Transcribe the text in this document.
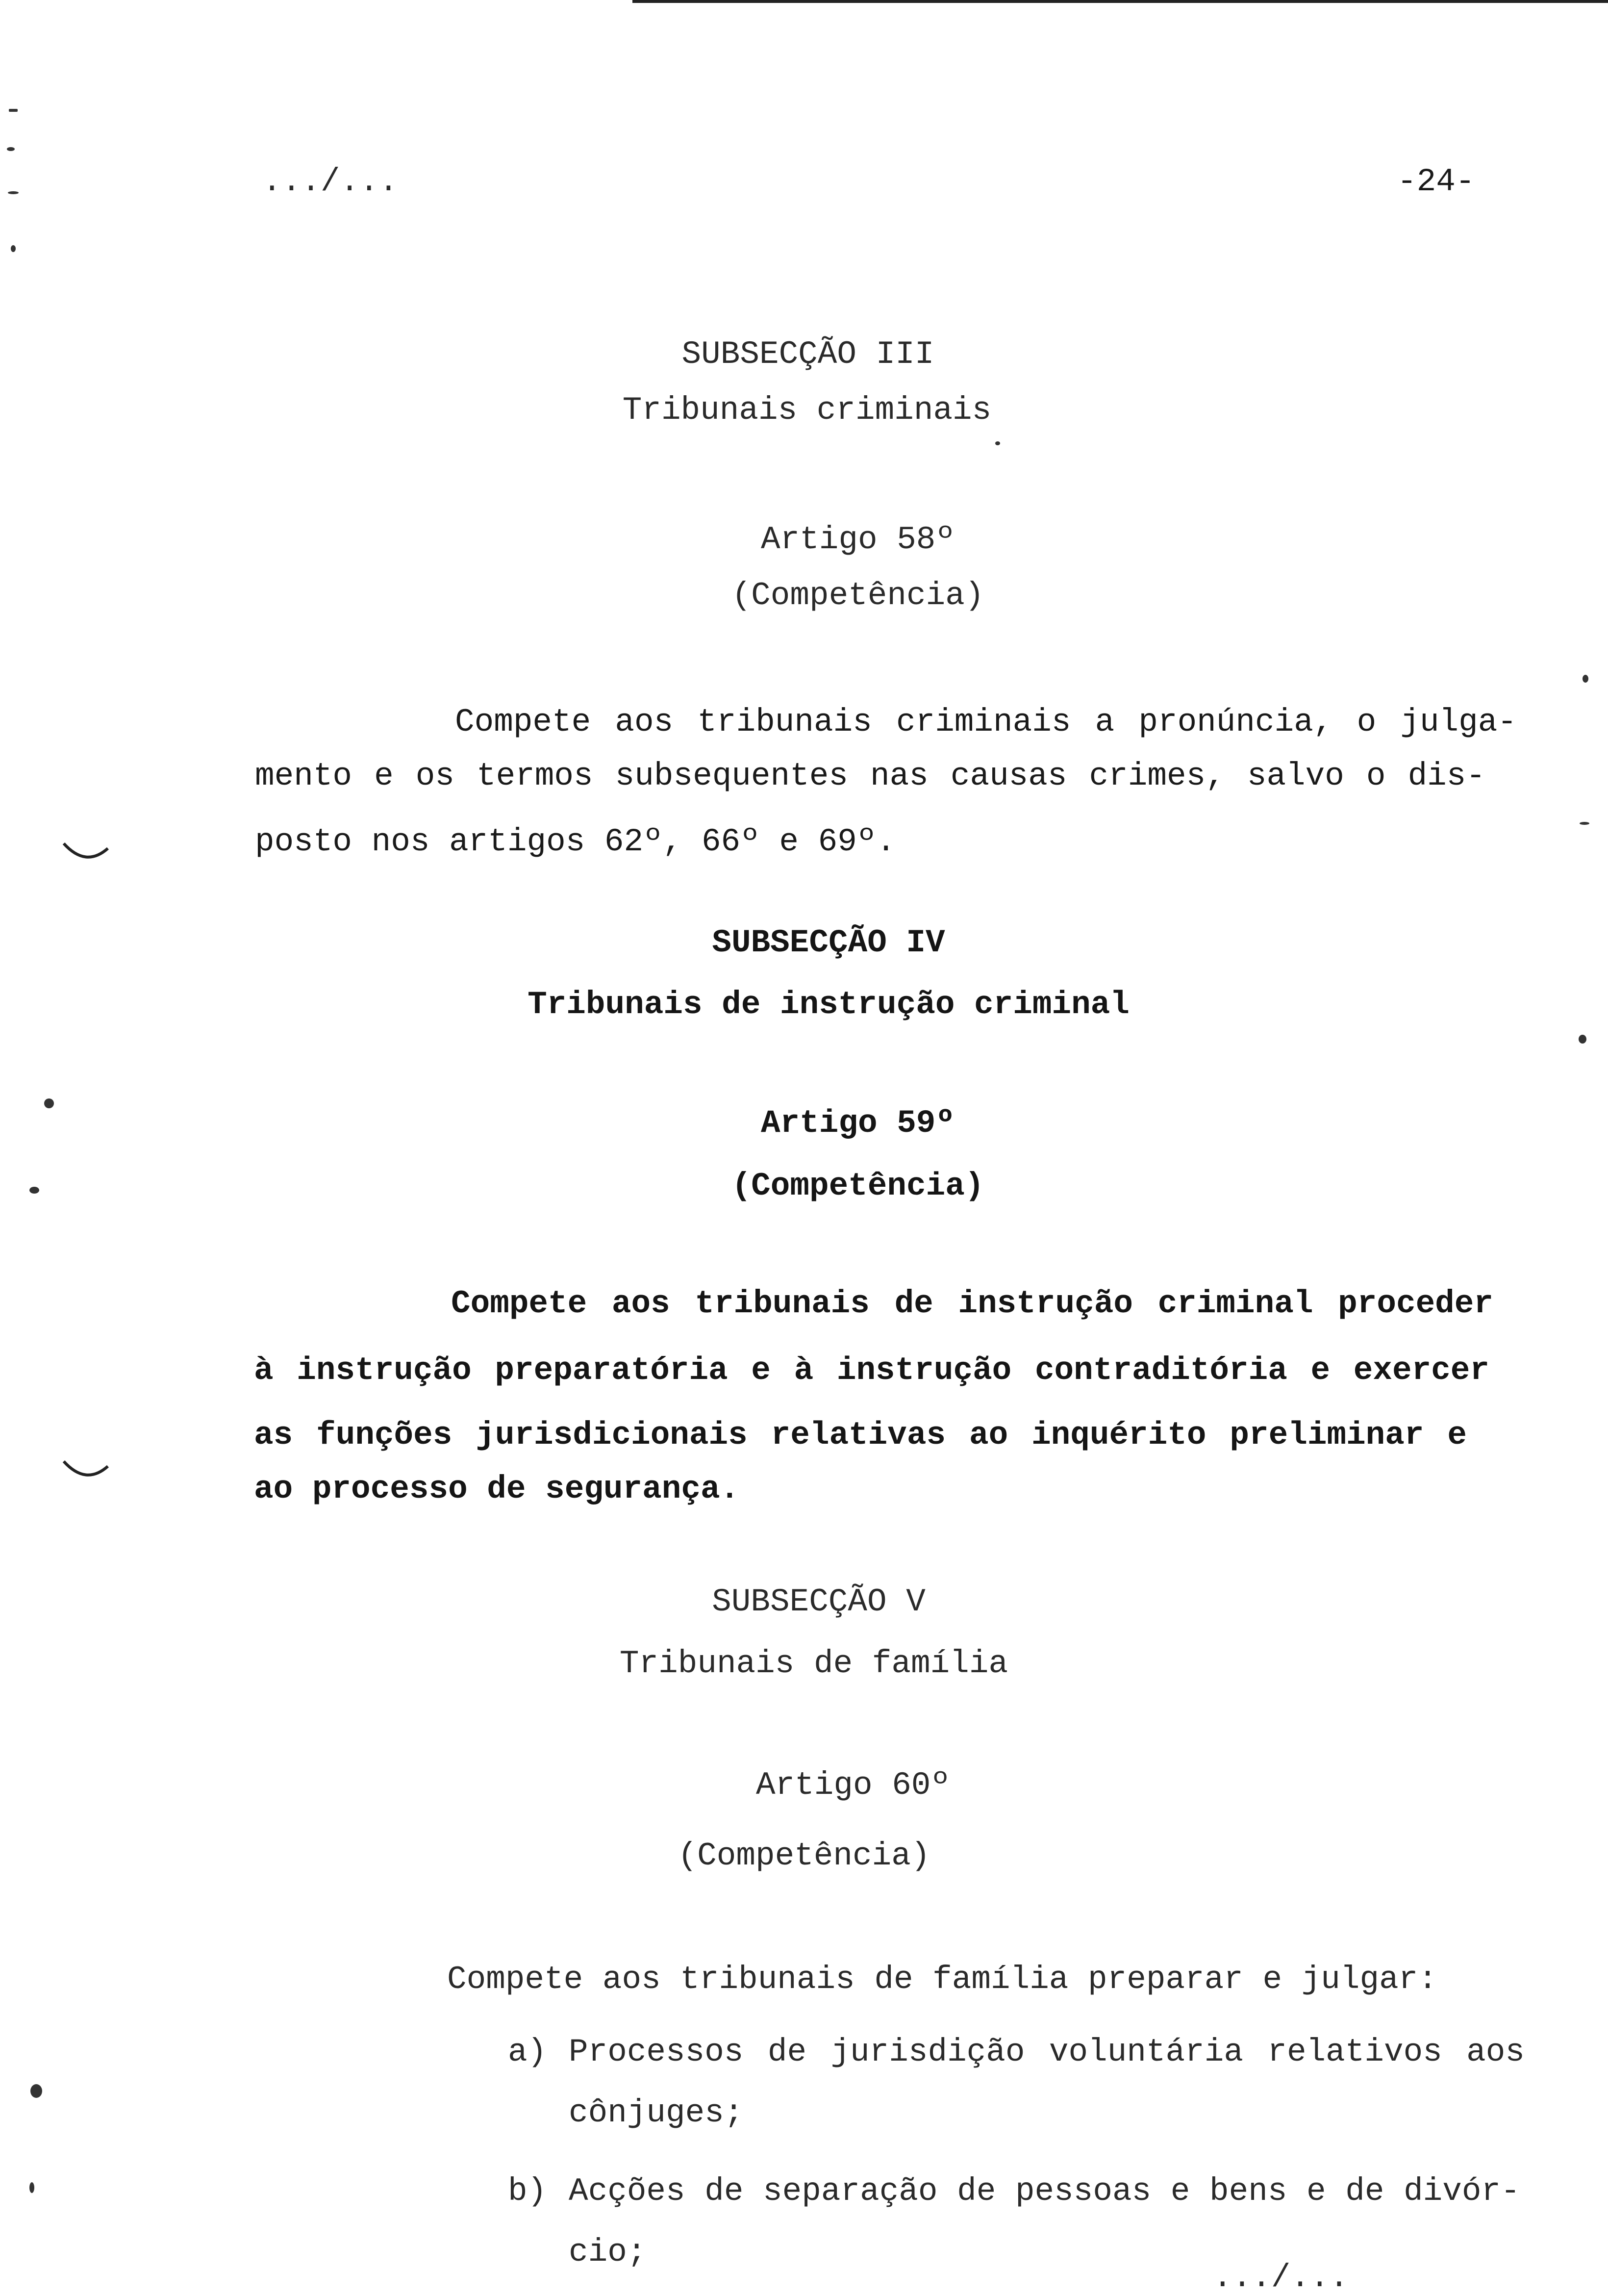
.../...	-24-
SUBSECÇÃO III
Tribunais criminais
Artigo 58º
(Competência)
Compete aos tribunais criminais a pronúncia, o julga-
mento e os termos subsequentes nas causas crimes, salvo o dis-
posto nos artigos 62º, 66º e 69º.
SUBSECÇÃO IV
Tribunais de instrução criminal
Artigo 59º
(Competência)
Compete aos tribunais de instrução criminal proceder
à instrução preparatória e à instrução contraditória e exercer
as funções jurisdicionais relativas ao inquérito preliminar e
ao processo de segurança.
SUBSECÇÃO V
Tribunais de família
Artigo 60º
(Competência)
Compete aos tribunais de família preparar e julgar:
a) Processos de jurisdição voluntária relativos aos
cônjuges;
b) Acções de separação de pessoas e bens e de divór-
cio;
.../...
